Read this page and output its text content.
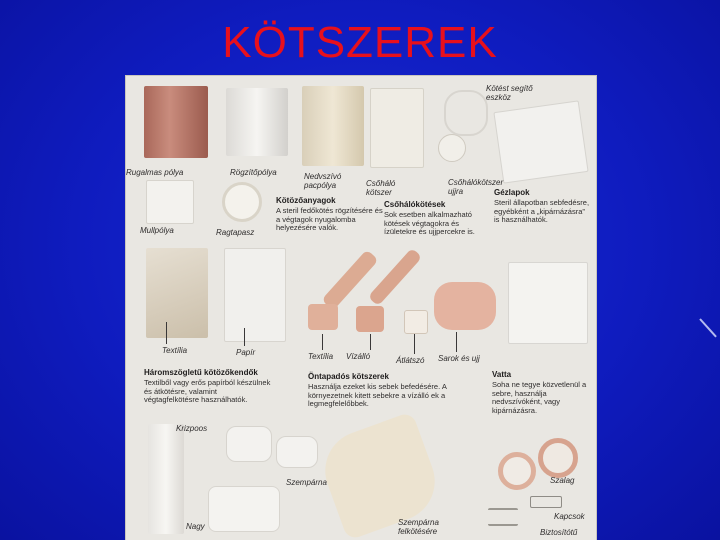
KÖTSZEREK
Rugalmas pólya	Rögzítőpólya	Nedvszívó pacpólya	Csőháló kötszer
Csőhálókötszer ujjra
Kötést segítő eszköz
Mullpólya	Ragtapasz
Kötözőanyagok
A steril fedőkötés rögzítésére és a végtagok nyugalomba helyezésére valók.
Csőhálókötések
Sok esetben alkalmazható kötések végtagokra és ízületekre és ujjpercekre is.
Gézlapok
Steril állapotban sebfedésre, egyébként a „kipárnázásra” is használhatók.
Textília	Papír	Textília Vízálló	Átlátszó Sarok és ujj
Háromszögletű kötözőkendők
Textilből vagy erős papírból készülnek és átkötésre, valamint végtagfelkötésre használhatók.
Öntapadós kötszerek
Használja ezeket kis sebek befedésére. A környezetnek kitett sebekre a vízálló ek a legmegfelelőbbek.
Vatta
Soha ne tegye közvetlenül a sebre, használja nedvszívóként, vagy kipárnázásra.
Krizpoos
Szempárna
Nagy	Szempárna felkötésére
Szalag
Kapcsok
Biztosítótű
